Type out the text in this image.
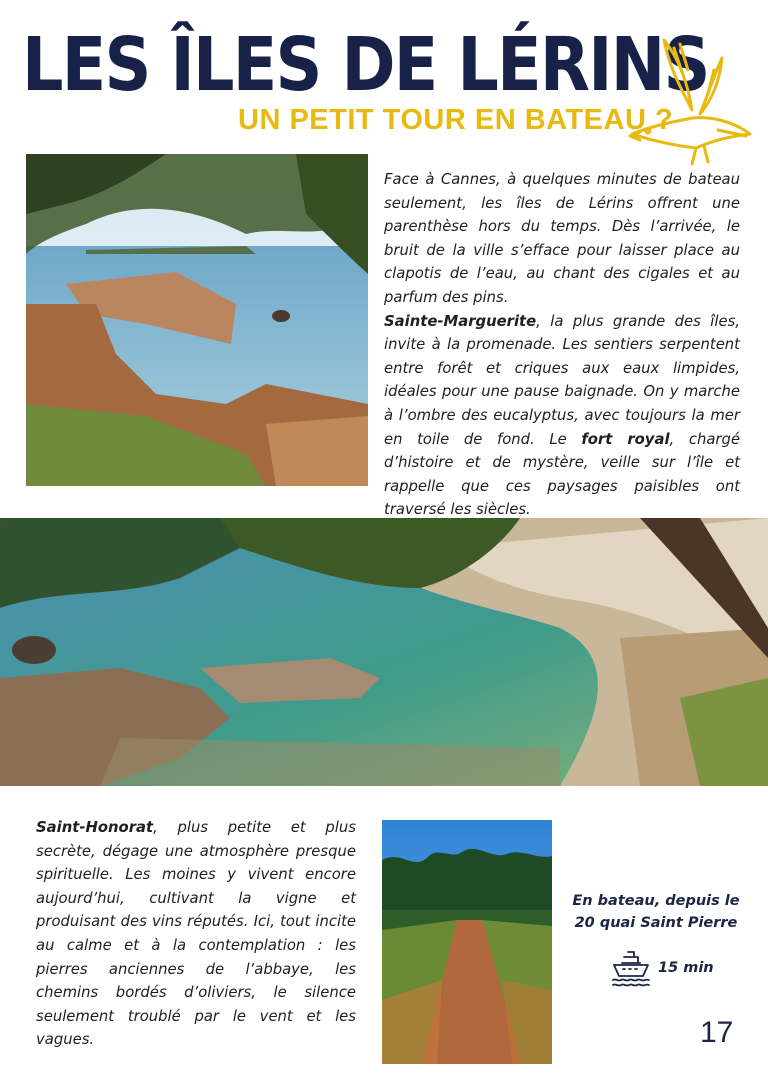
LES ÎLES DE LÉRINS
UN PETIT TOUR EN BATEAU ?

Face à Cannes, à quelques minutes de bateau seulement, les îles de Lérins offrent une parenthèse hors du temps. Dès l’arrivée, le bruit de la ville s’efface pour laisser place au clapotis de l’eau, au chant des cigales et au parfum des pins.

Sainte-Marguerite, la plus grande des îles, invite à la promenade. Les sentiers serpentent entre forêt et criques aux eaux limpides, idéales pour une pause baignade. On y marche à l’ombre des eucalyptus, avec toujours la mer en toile de fond. Le fort royal, chargé d’histoire et de mystère, veille sur l’île et rappelle que ces paysages paisibles ont traversé les siècles.

Saint-Honorat, plus petite et plus secrète, dégage une atmosphère presque spirituelle. Les moines y vivent encore aujourd’hui, cultivant la vigne et produisant des vins réputés. Ici, tout incite au calme et à la contemplation : les pierres anciennes de l’abbaye, les chemins bordés d’oliviers, le silence seulement troublé par le vent et les vagues.

En bateau, depuis le
20 quai Saint Pierre
15 min
17
